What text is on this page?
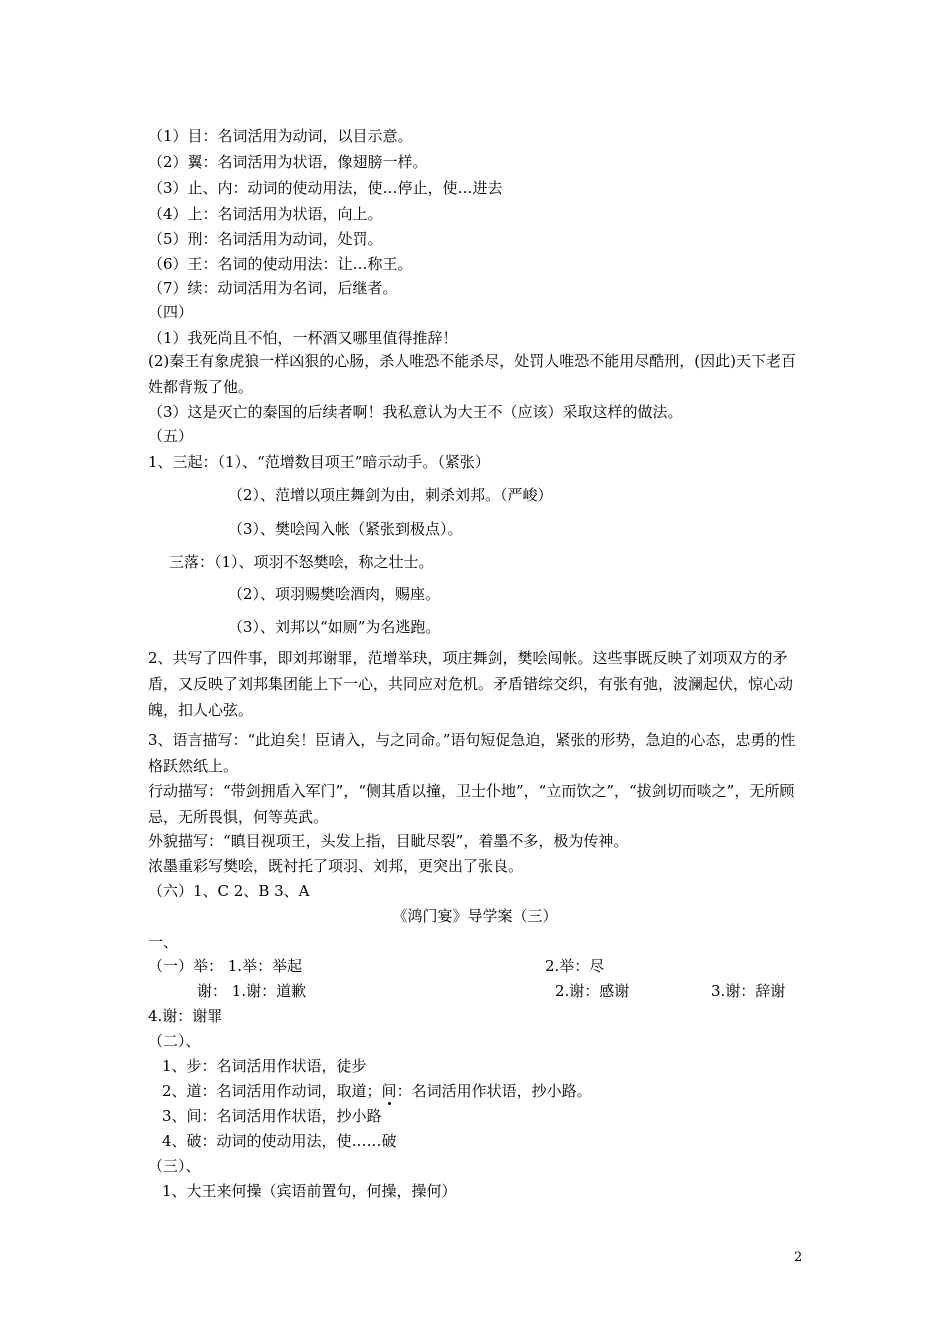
（1）目：名词活用为动词，以目示意。
（2）翼：名词活用为状语，像翅膀一样。
（3）止、内：动词的使动用法，使…停止，使…进去
（4）上：名词活用为状语，向上。
（5）刑：名词活用为动词，处罚。
（6）王：名词的使动用法：让…称王。
（7）续：动词活用为名词，后继者。
（四）
（1）我死尚且不怕，一杯酒又哪里值得推辞！
(2)秦王有象虎狼一样凶狠的心肠，杀人唯恐不能杀尽，处罚人唯恐不能用尽酷刑，(因此)天下老百姓都背叛了他。
（3）这是灭亡的秦国的后续者啊！我私意认为大王不（应该）采取这样的做法。
（五）
1、三起：（1）、“范增数目项王”暗示动手。（紧张）
（2）、范增以项庄舞剑为由，刺杀刘邦。（严峻）
（3）、樊哙闯入帐（紧张到极点）。
三落：（1）、项羽不怒樊哙，称之壮士。
（2）、项羽赐樊哙酒肉，赐座。
（3）、刘邦以“如厕”为名逃跑。
2、共写了四件事，即刘邦谢罪，范增举玦，项庄舞剑，樊哙闯帐。这些事既反映了刘项双方的矛盾，又反映了刘邦集团能上下一心，共同应对危机。矛盾错综交织，有张有弛，波澜起伏，惊心动魄，扣人心弦。
3、语言描写：“此迫矣！臣请入，与之同命。”语句短促急迫，紧张的形势，急迫的心态，忠勇的性格跃然纸上。
行动描写：“带剑拥盾入军门”，“侧其盾以撞，卫士仆地”，“立而饮之”，“拔剑切而啖之”，无所顾忌，无所畏惧，何等英武。
外貌描写：“瞋目视项王，头发上指，目眦尽裂”，着墨不多，极为传神。
浓墨重彩写樊哙，既衬托了项羽、刘邦，更突出了张良。
（六）1、C 2、B 3、A
《鸿门宴》导学案（三）
一、
（一）举： 1.举：举起	2.举：尽
谢： 1.谢：道歉	2.谢：感谢	3.谢：辞谢
4.谢：谢罪
（二）、
1、步：名词活用作状语，徒步
2、道：名词活用作动词，取道；间：名词活用作状语，抄小路。
3、间：名词活用作状语，抄小路
4、破：动词的使动用法，使……破
（三）、
1、大王来何操（宾语前置句，何操，操何）
2
